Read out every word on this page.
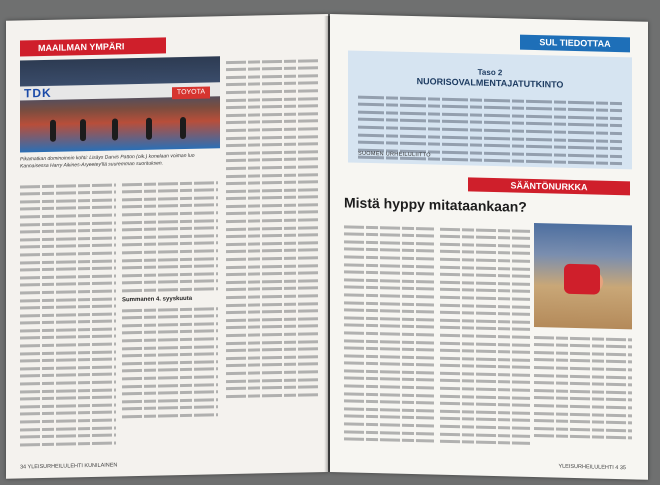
MAAILMAN YMPÄRI
TDK	TOYOTA
Pikamatkan dominoinnin kohti: Lisäys Darvis Patton (oik.) konelaan voiman luo Kannaisessa Harry Aikines-Aryeetey'llä suuremman suorituksen.
Summanen 4. syyskuuta
34 YLEISURHEILULEHTI KUNILAINEN
SUL TIEDOTTAA
Taso 2
NUORISOVALMENTAJATUTKINTO
SUOMEN URHEILULIITTO
SÄÄNTÖNURKKA
Mistä hyppy mitataankaan?
YLEISURHEILULEHTI 4 35
